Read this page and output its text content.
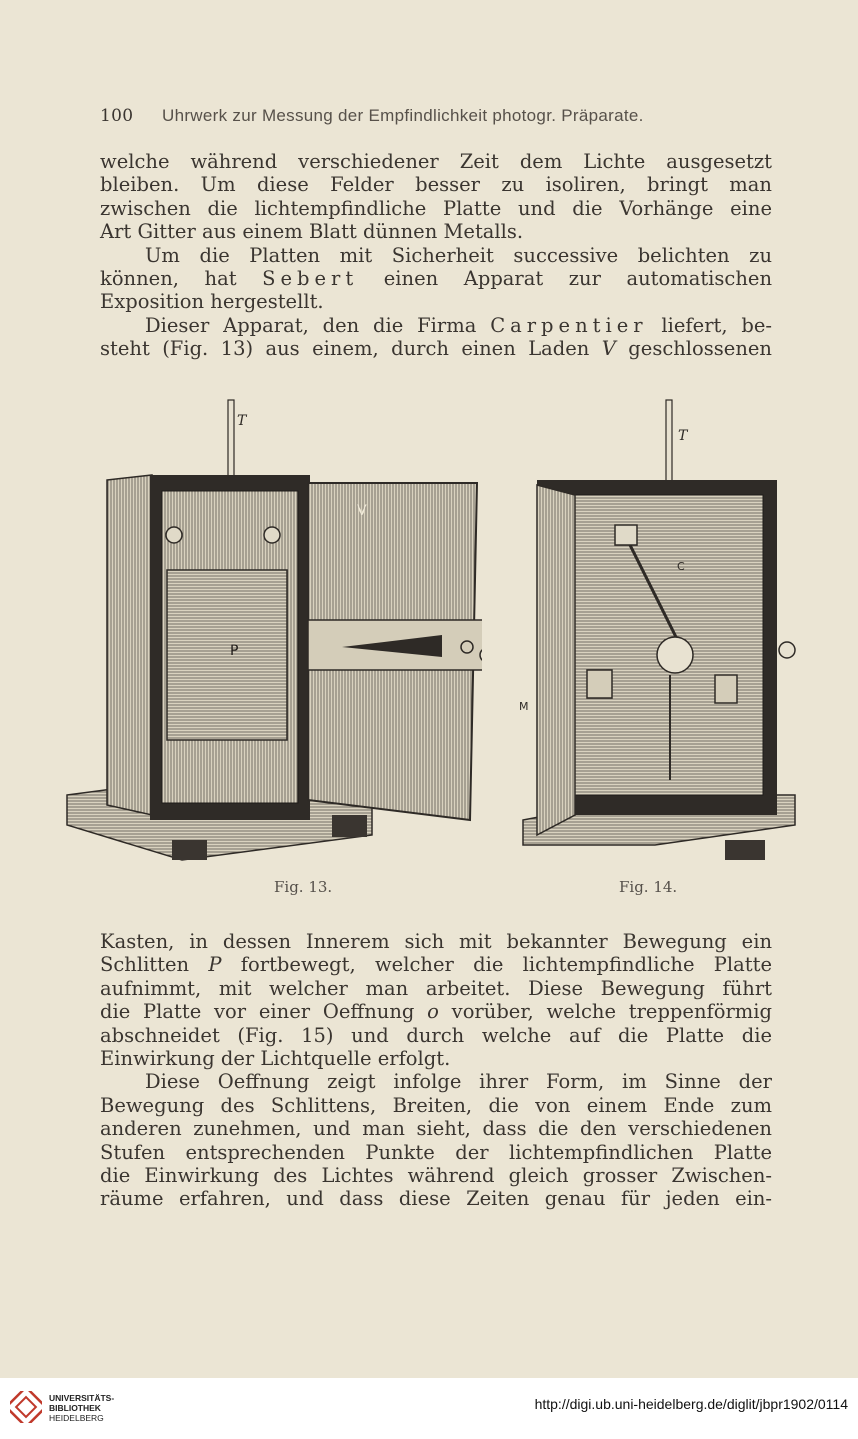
100 Uhrwerk zur Messung der Empfindlichkeit photogr. Präparate.

welche während verschiedener Zeit dem Lichte ausgesetzt

bleiben. Um diese Felder besser zu isoliren, bringt man

zwischen die lichtempfindliche Platte und die Vorhänge eine

Art Gitter aus einem Blatt dünnen Metalls.

Um die Platten mit Sicherheit successive belichten zu

können, hat Sebert einen Apparat zur automatischen

Exposition hergestellt.

Dieser Apparat, den die Firma Carpentier liefert, be-

steht (Fig. 13) aus einem, durch einen Laden V geschlossenen

P
V
T
Fig. 13.
T
C
M
Fig. 14.

Kasten, in dessen Innerem sich mit bekannter Bewegung ein

Schlitten P fortbewegt, welcher die lichtempfindliche Platte

aufnimmt, mit welcher man arbeitet. Diese Bewegung führt

die Platte vor einer Oeffnung o vorüber, welche treppenförmig

abschneidet (Fig. 15) und durch welche auf die Platte die

Einwirkung der Lichtquelle erfolgt.

Diese Oeffnung zeigt infolge ihrer Form, im Sinne der

Bewegung des Schlittens, Breiten, die von einem Ende zum

anderen zunehmen, und man sieht, dass die den verschiedenen

Stufen entsprechenden Punkte der lichtempfindlichen Platte

die Einwirkung des Lichtes während gleich grosser Zwischen-

räume erfahren, und dass diese Zeiten genau für jeden ein-

UNIVERSITÄTS-
BIBLIOTHEK
HEIDELBERG
http://digi.ub.uni-heidelberg.de/diglit/jbpr1902/0114
